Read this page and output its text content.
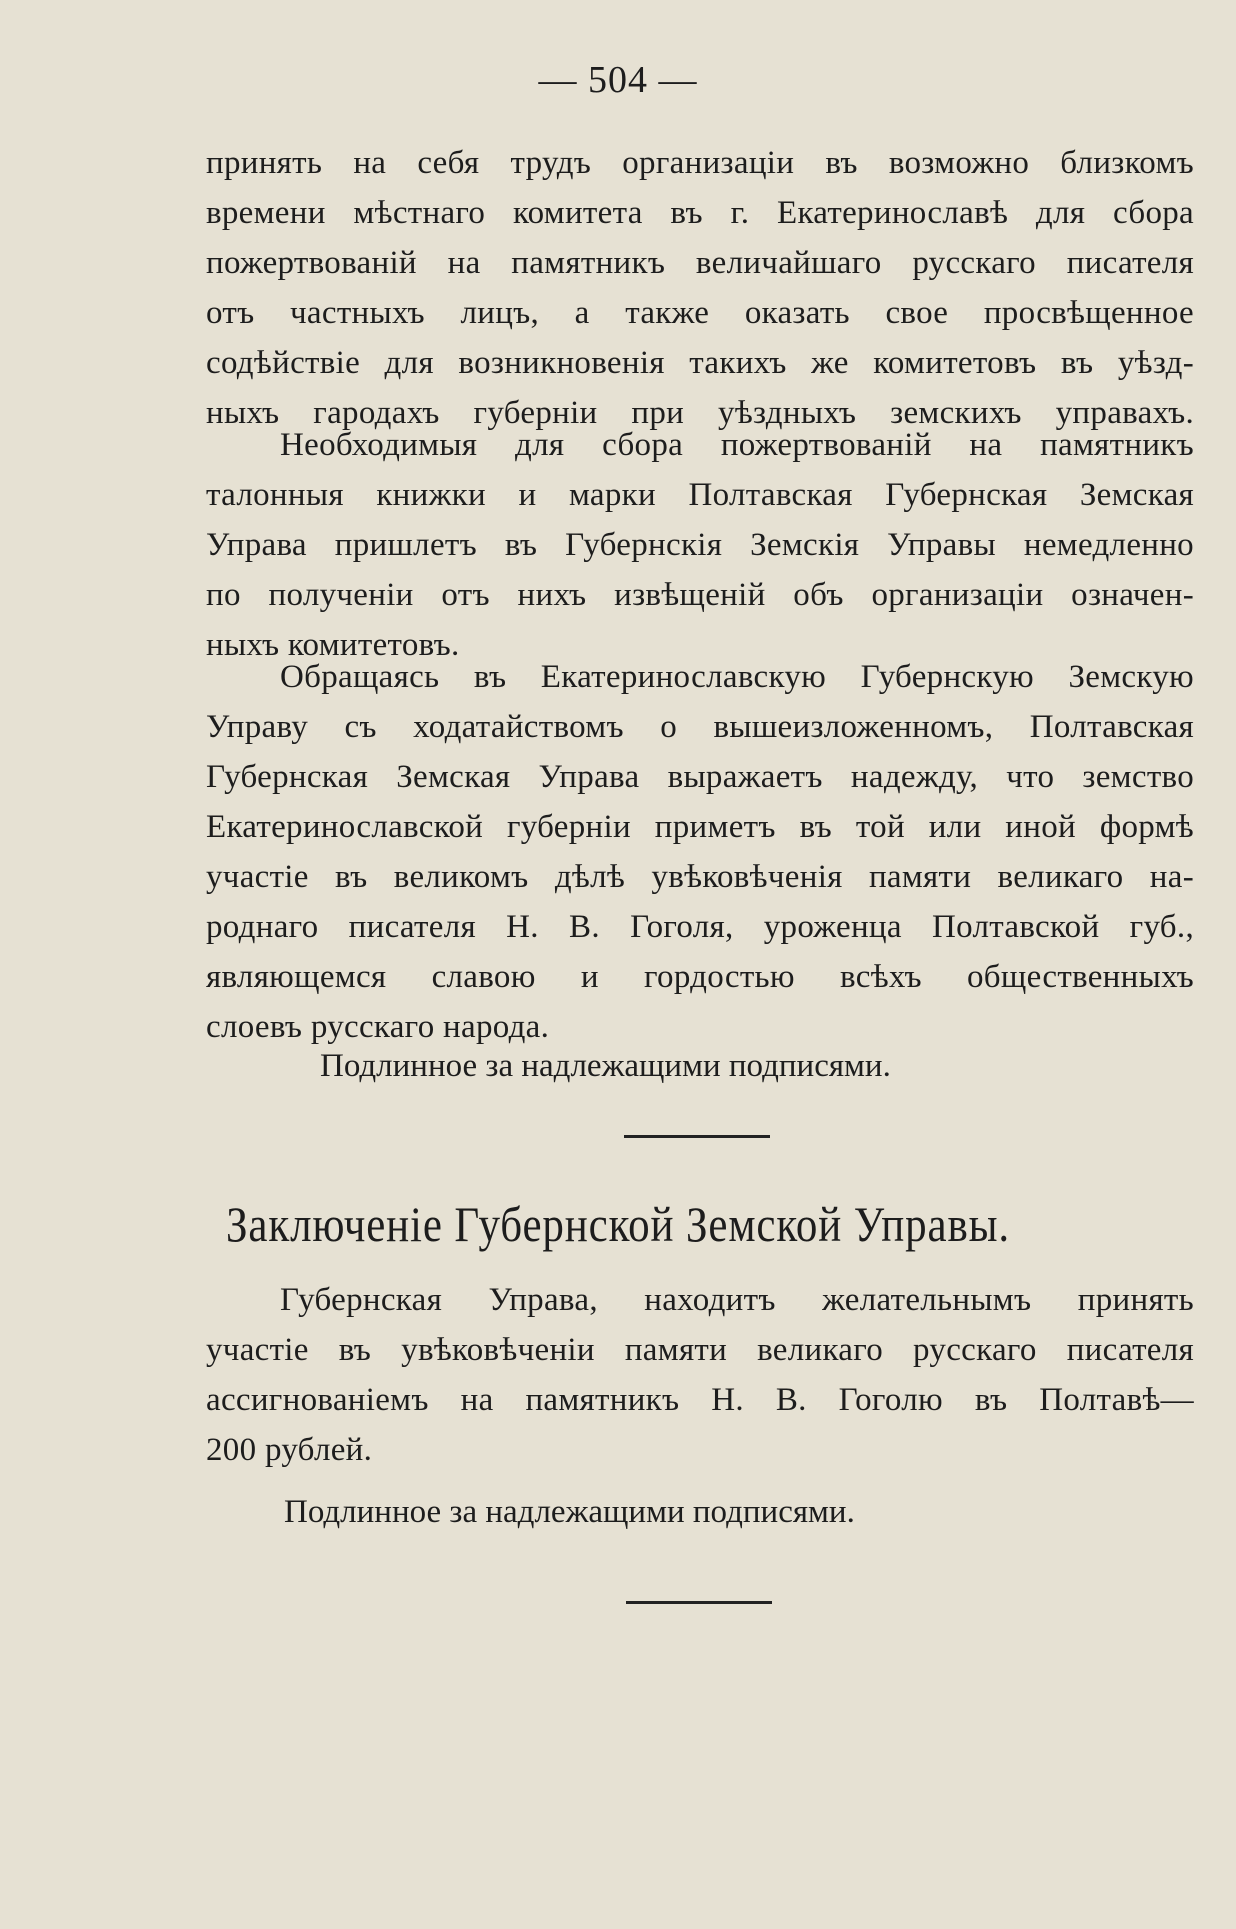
— 504 —
принять на себя трудъ организаціи въ возможно близкомъ
времени мѣстнаго комитета въ г. Екатеринославѣ для сбора
пожертвованій на памятникъ величайшаго русскаго писателя
отъ частныхъ лицъ, а также оказать свое просвѣщенное
содѣйствіе для возникновенія такихъ же комитетовъ въ уѣзд-
ныхъ гародахъ губерніи при уѣздныхъ земскихъ управахъ.
Необходимыя для сбора пожертвованій на памятникъ
талонныя книжки и марки Полтавская Губернская Земская
Управа пришлетъ въ Губернскія Земскія Управы немедленно
по полученіи отъ нихъ извѣщеній объ организаціи означен-
ныхъ комитетовъ.
Обращаясь въ Екатеринославскую Губернскую Земскую
Управу съ ходатайствомъ о вышеизложенномъ, Полтавская
Губернская Земская Управа выражаетъ надежду, что земство
Екатеринославской губерніи приметъ въ той или иной формѣ
участіе въ великомъ дѣлѣ увѣковѣченія памяти великаго на-
роднаго писателя Н. В. Гоголя, уроженца Полтавской губ.,
являющемся славою и гордостью всѣхъ общественныхъ
слоевъ русскаго народа.
Подлинное за надлежащими подписями.
Заключеніе Губернской Земской Управы.
Губернская Управа, находитъ желательнымъ принять
участіе въ увѣковѣченіи памяти великаго русскаго писателя
ассигнованіемъ на памятникъ Н. В. Гоголю въ Полтавѣ—
200 рублей.
Подлинное за надлежащими подписями.
